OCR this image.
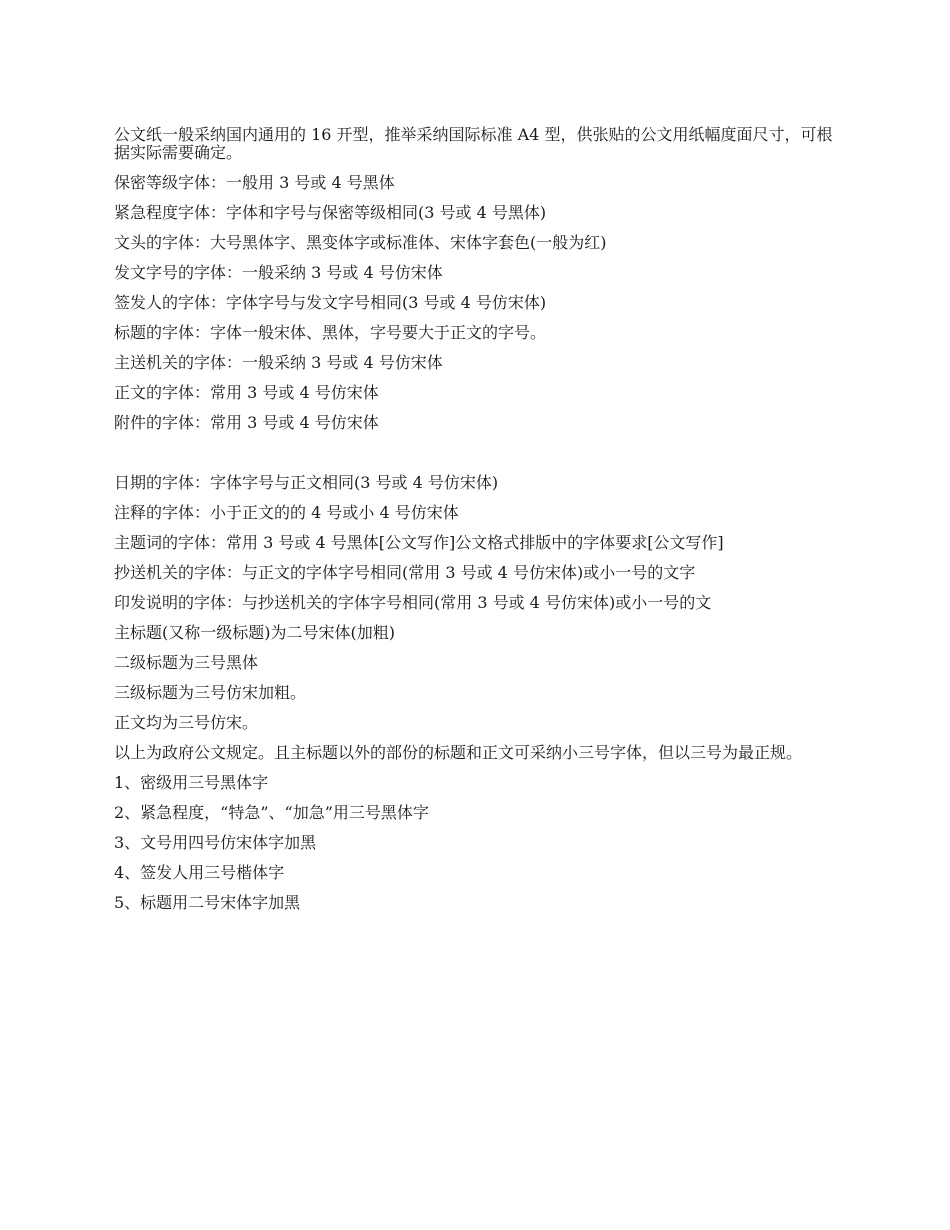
公文纸一般采纳国内通用的 16 开型，推举采纳国际标准 A4 型，供张贴的公文用纸幅度面尺寸，可根据实际需要确定。

保密等级字体：一般用 3 号或 4 号黑体

紧急程度字体：字体和字号与保密等级相同(3 号或 4 号黑体)

文头的字体：大号黑体字、黑变体字或标准体、宋体字套色(一般为红)

发文字号的字体：一般采纳 3 号或 4 号仿宋体

签发人的字体：字体字号与发文字号相同(3 号或 4 号仿宋体)

标题的字体：字体一般宋体、黑体，字号要大于正文的字号。

主送机关的字体：一般采纳 3 号或 4 号仿宋体

正文的字体：常用 3 号或 4 号仿宋体

附件的字体：常用 3 号或 4 号仿宋体

日期的字体：字体字号与正文相同(3 号或 4 号仿宋体)

注释的字体：小于正文的的 4 号或小 4 号仿宋体

主题词的字体：常用 3 号或 4 号黑体[公文写作]公文格式排版中的字体要求[公文写作]

抄送机关的字体：与正文的字体字号相同(常用 3 号或 4 号仿宋体)或小一号的文字

印发说明的字体：与抄送机关的字体字号相同(常用 3 号或 4 号仿宋体)或小一号的文

主标题(又称一级标题)为二号宋体(加粗)

二级标题为三号黑体

三级标题为三号仿宋加粗。

正文均为三号仿宋。

以上为政府公文规定。且主标题以外的部份的标题和正文可采纳小三号字体，但以三号为最正规。

1、密级用三号黑体字

2、紧急程度，“特急”、“加急”用三号黑体字

3、文号用四号仿宋体字加黑

4、签发人用三号楷体字

5、标题用二号宋体字加黑
